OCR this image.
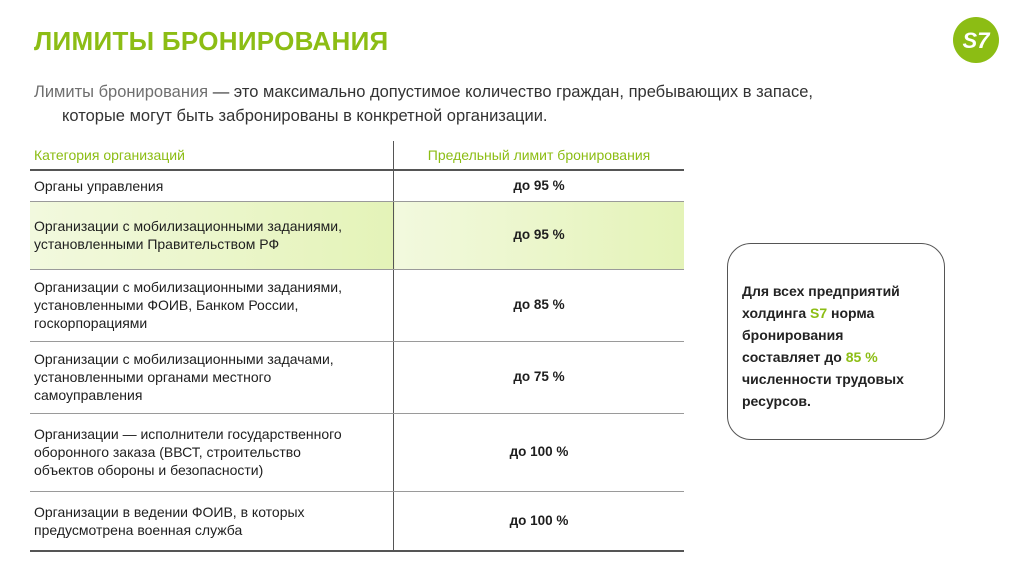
ЛИМИТЫ БРОНИРОВАНИЯ	S7
Лимиты бронирования — это максимально допустимое количество граждан, пребывающих в запасе,
которые могут быть забронированы в конкретной организации.
Категория организаций	Предельный лимит бронирования

Органы управления	до 95 %

Организации с мобилизационными заданиями,
установленными Правительством РФ	до 95 %

Организации с мобилизационными заданиями,
установленными ФОИВ, Банком России,
госкорпорациями	до 85 %

Организации с мобилизационными задачами,
установленными органами местного
самоуправления	до 75 %

Организации — исполнители государственного
оборонного заказа (ВВСТ, строительство
объектов обороны и безопасности)	до 100 %

Организации в ведении ФОИВ, в которых
предусмотрена военная служба	до 100 %
Для всех предприятий
холдинга S7 норма
бронирования
составляет до 85 %
численности трудовых
ресурсов.
